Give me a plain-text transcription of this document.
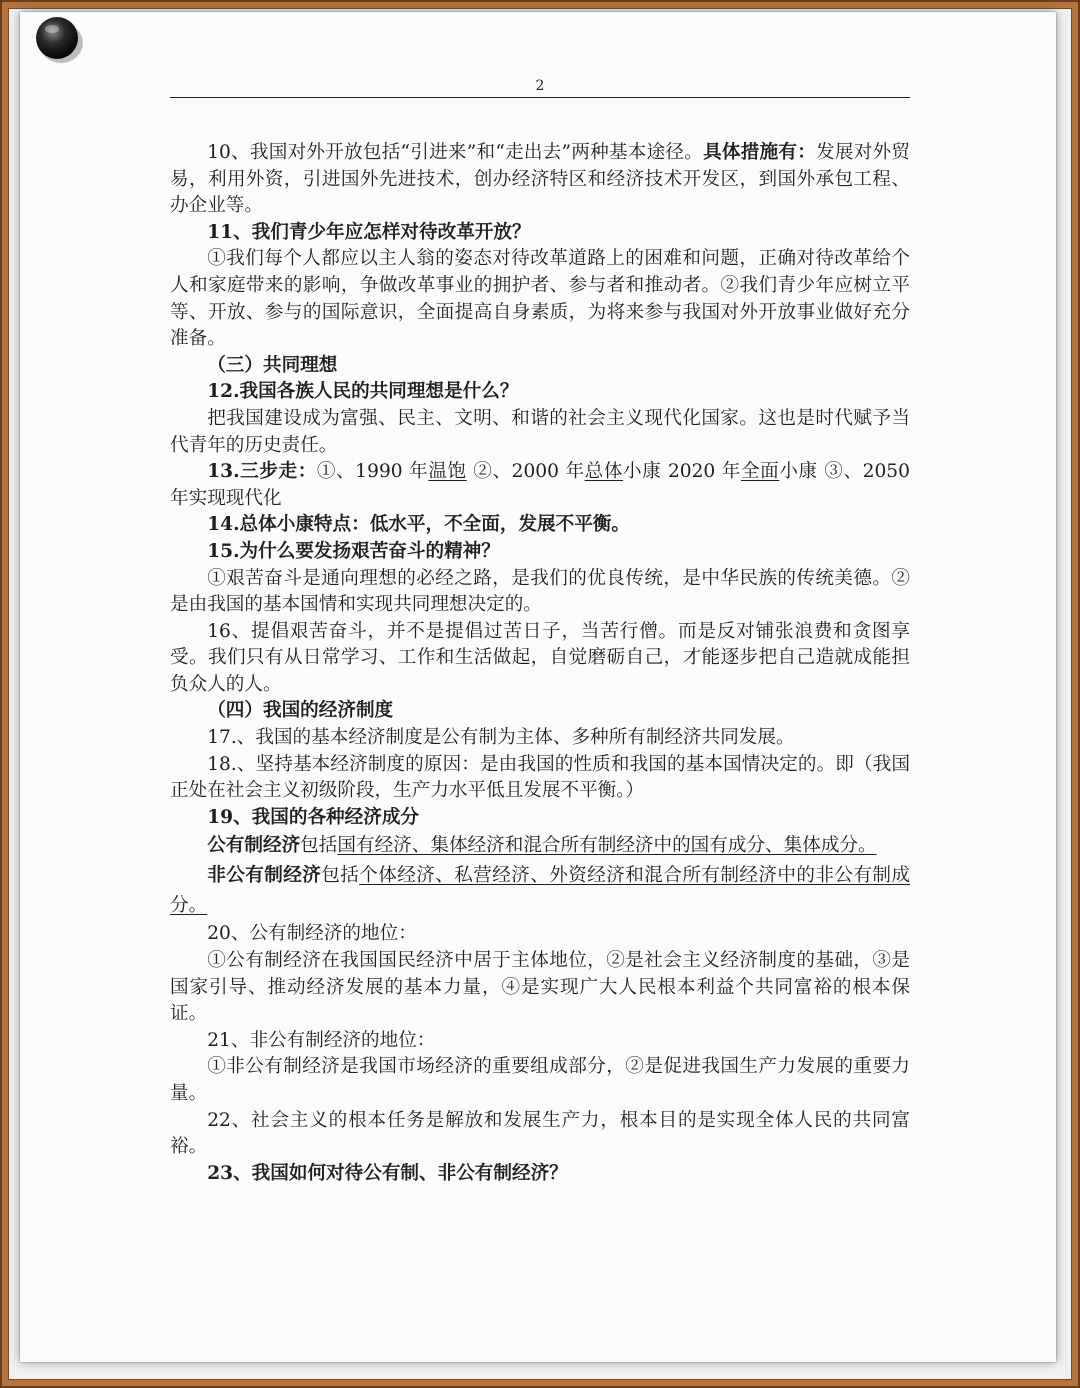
2

10、我国对外开放包括“引进来”和“走出去”两种基本途径。具体措施有：发展对外贸易，利用外资，引进国外先进技术，创办经济特区和经济技术开发区，到国外承包工程、办企业等。

11、我们青少年应怎样对待改革开放？

①我们每个人都应以主人翁的姿态对待改革道路上的困难和问题，正确对待改革给个人和家庭带来的影响，争做改革事业的拥护者、参与者和推动者。②我们青少年应树立平等、开放、参与的国际意识，全面提高自身素质，为将来参与我国对外开放事业做好充分准备。

（三）共同理想

12.我国各族人民的共同理想是什么？

把我国建设成为富强、民主、文明、和谐的社会主义现代化国家。这也是时代赋予当代青年的历史责任。

13.三步走：①、1990 年温饱 ②、2000 年总体小康 2020 年全面小康 ③、2050 年实现现代化

14.总体小康特点：低水平，不全面，发展不平衡。

15.为什么要发扬艰苦奋斗的精神？

①艰苦奋斗是通向理想的必经之路，是我们的优良传统，是中华民族的传统美德。②是由我国的基本国情和实现共同理想决定的。

16、提倡艰苦奋斗，并不是提倡过苦日子，当苦行僧。而是反对铺张浪费和贪图享受。我们只有从日常学习、工作和生活做起，自觉磨砺自己，才能逐步把自己造就成能担负众人的人。

（四）我国的经济制度

17.、我国的基本经济制度是公有制为主体、多种所有制经济共同发展。

18.、坚持基本经济制度的原因：是由我国的性质和我国的基本国情决定的。即（我国正处在社会主义初级阶段，生产力水平低且发展不平衡。）

19、我国的各种经济成分

公有制经济包括国有经济、集体经济和混合所有制经济中的国有成分、集体成分。

非公有制经济包括个体经济、私营经济、外资经济和混合所有制经济中的非公有制成分。

20、公有制经济的地位：

①公有制经济在我国国民经济中居于主体地位，②是社会主义经济制度的基础，③是国家引导、推动经济发展的基本力量，④是实现广大人民根本利益个共同富裕的根本保证。

21、非公有制经济的地位：

①非公有制经济是我国市场经济的重要组成部分，②是促进我国生产力发展的重要力量。

22、社会主义的根本任务是解放和发展生产力，根本目的是实现全体人民的共同富裕。

23、我国如何对待公有制、非公有制经济？
